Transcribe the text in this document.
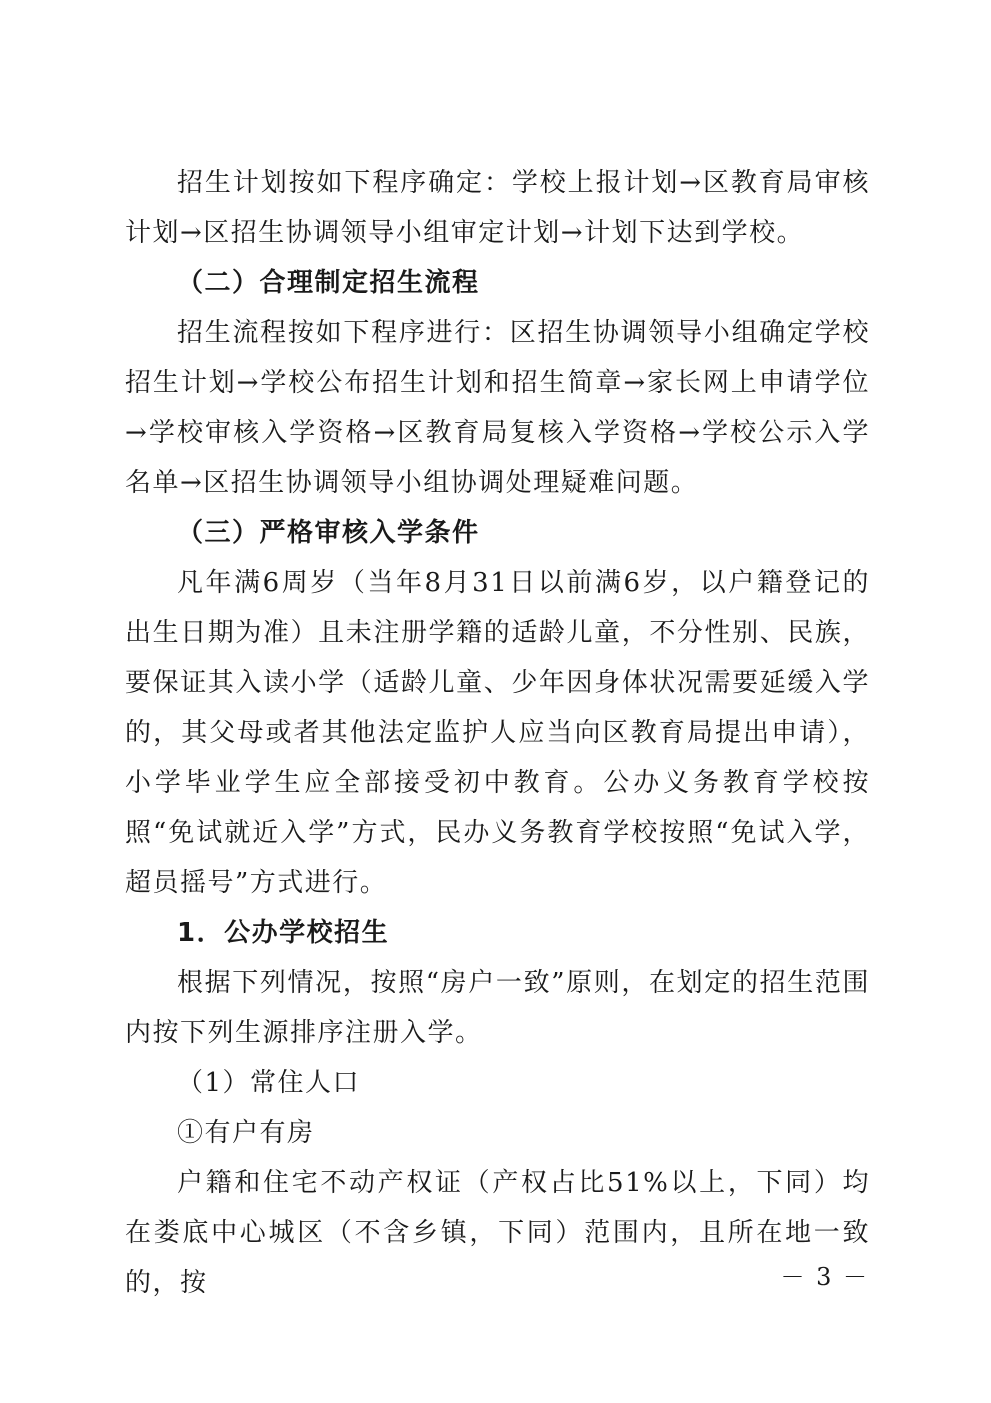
招生计划按如下程序确定：学校上报计划→区教育局审核计划→区招生协调领导小组审定计划→计划下达到学校。

（二）合理制定招生流程

招生流程按如下程序进行：区招生协调领导小组确定学校招生计划→学校公布招生计划和招生简章→家长网上申请学位→学校审核入学资格→区教育局复核入学资格→学校公示入学名单→区招生协调领导小组协调处理疑难问题。

（三）严格审核入学条件

凡年满6周岁（当年8月31日以前满6岁，以户籍登记的出生日期为准）且未注册学籍的适龄儿童，不分性别、民族，要保证其入读小学（适龄儿童、少年因身体状况需要延缓入学的，其父母或者其他法定监护人应当向区教育局提出申请），小学毕业学生应全部接受初中教育。公办义务教育学校按照“免试就近入学”方式，民办义务教育学校按照“免试入学，超员摇号”方式进行。

1．公办学校招生

根据下列情况，按照“房户一致”原则，在划定的招生范围内按下列生源排序注册入学。

（1）常住人口

①有户有房

户籍和住宅不动产权证（产权占比51%以上，下同）均在娄底中心城区（不含乡镇，下同）范围内，且所在地一致的，按	－ 3 －
